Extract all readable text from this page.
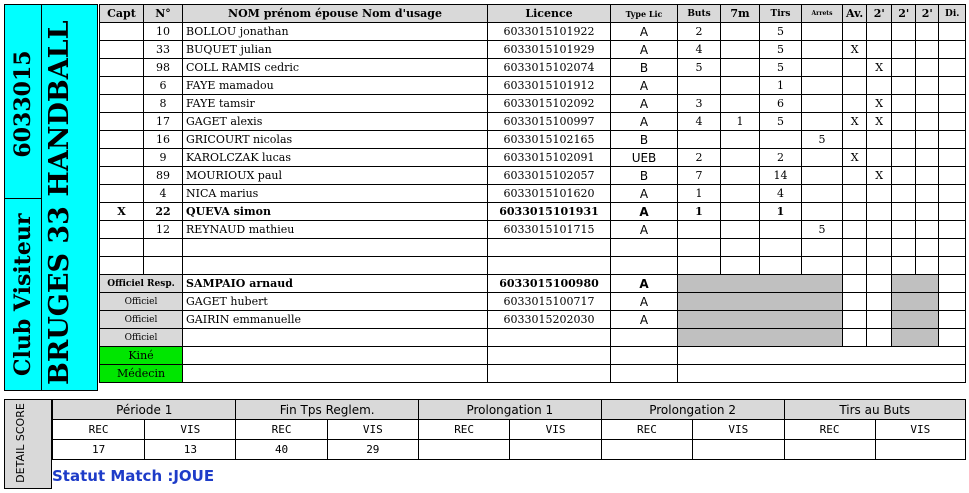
6033015
Club Visiteur BRUGES 33 HANDBALL
Capt	N°	NOM prénom épouse Nom d'usage	Licence	Type Lic	Buts	7m	Tirs	Arrets	Av.	2'	2'	2'	Di.
	10	BOLLOU jonathan	6033015101922	A	2		5						
	33	BUQUET julian	6033015101929	A	4		5		X				
	98	COLL RAMIS cedric	6033015102074	B	5		5			X			
	6	FAYE mamadou	6033015101912	A			1						
	8	FAYE tamsir	6033015102092	A	3		6			X			
	17	GAGET alexis	6033015100997	A	4	1	5		X	X			
	16	GRICOURT nicolas	6033015102165	B				5					
	9	KAROLCZAK lucas	6033015102091	UEB	2		2		X				
	89	MOURIOUX paul	6033015102057	B	7		14			X			
	4	NICA marius	6033015101620	A	1		4						
X	22	QUEVA simon	6033015101931	A	1		1						
	12	REYNAUD mathieu	6033015101715	A				5					

Officiel Resp.		SAMPAIO arnaud	6033015100980	A									
Officiel		GAGET hubert	6033015100717	A									
Officiel		GAIRIN emmanuelle	6033015202030	A									
Officiel													
Kiné													
Médecin													
DETAIL SCORE	Période 1		Fin Tps Reglem.		Prolongation 1		Prolongation 2		Tirs au Buts	
REC	VIS	REC	VIS	REC	VIS	REC	VIS	REC	VIS
17	13	40	29						
Statut Match :JOUE
